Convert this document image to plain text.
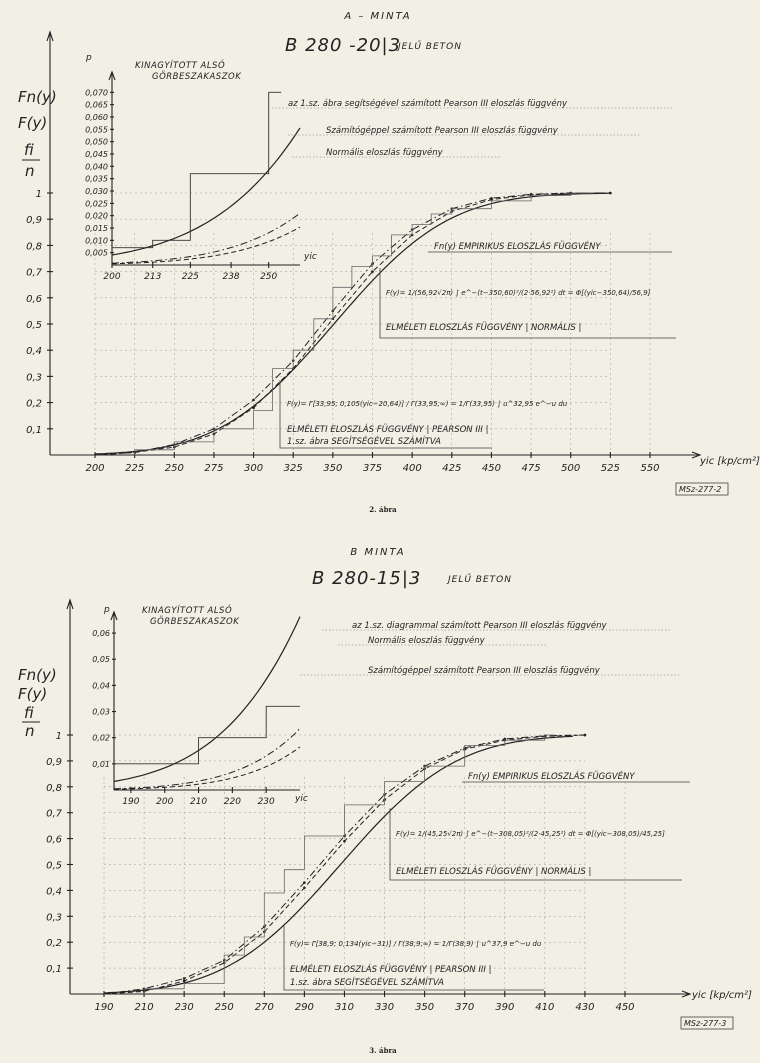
A – MINTA
B 280 -20|3
JELŰ BETON
Fn(y)
F(y)
fi
n
200 225 250 275 300 325 350 375 400 425 450 475 500 525 550
0,1
0,2
0,3
0,4
0,5
0,6
0,7
0,8
0,9
1
200	213 225	238 250
0,005
0,010
0,015
0,020
0,025
0,030
0,035
0,040
0,045
0,050
0,055
0,060
0,065
0,070
yic [kp/cm²]
MSz-277-2
2. ábra
KINAGYÍTOTT ALSÓ
GÖRBESZAKASZOK
p
yic
az 1.sz. ábra segítségével számított Pearson III eloszlás függvény
Számítógéppel számított Pearson III eloszlás függvény
Normális eloszlás függvény
Fn(y) EMPIRIKUS ELOSZLÁS FÜGGVÉNY
F(y)= 1/(56,92√2π) ∫ e^−(t−350,60)²/(2·56,92²) dt = Φ[(yic−350,64)/56,9]
ELMÉLETI ELOSZLÁS FÜGGVÉNY | NORMÁLIS |
F(y)= Γ[33,95; 0,105(yic−20,64)] / Γ(33,95;∞) = 1/Γ(33,95) ∫ u^32,95 e^−u du
ELMÉLETI ELOSZLÁS FÜGGVÉNY | PEARSON III |
1.sz. ábra SEGÍTSÉGÉVEL SZÁMÍTVA
B MINTA
B 280-15|3	JELŰ BETON
Fn(y)
F(y)
fi
n
190 210 230 250 270 290 310 330 350 370 390 410 430 450
0,1
0,2
0,3
0,4
0,5
0,6
0,7
0,8
0,9
1
190 200 210 220 230
0,01
0,02
0,03
0,04
0,05
0,06
yic [kp/cm²]
MSz-277-3
3. ábra
KINAGYÍTOTT ALSÓ
GÖRBESZAKASZOK
p
yic
az 1.sz. diagrammal számított Pearson III eloszlás függvény
Normális eloszlás függvény
Számítógéppel számított Pearson III eloszlás függvény
Fn(y) EMPIRIKUS ELOSZLÁS FÜGGVÉNY
F(y)= 1/(45,25√2π) ∫ e^−(t−308,05)²/(2·45,25²) dt = Φ[(yic−308,05)/45,25]
ELMÉLETI ELOSZLÁS FÜGGVÉNY | NORMÁLIS |
F(y)= Γ[38,9; 0,134(yic−31)] / Γ(38,9;∞) = 1/Γ(38,9) ∫ u^37,9 e^−u du
ELMÉLETI ELOSZLÁS FÜGGVÉNY | PEARSON III |
1.sz. ábra SEGÍTSÉGÉVEL SZÁMÍTVA
